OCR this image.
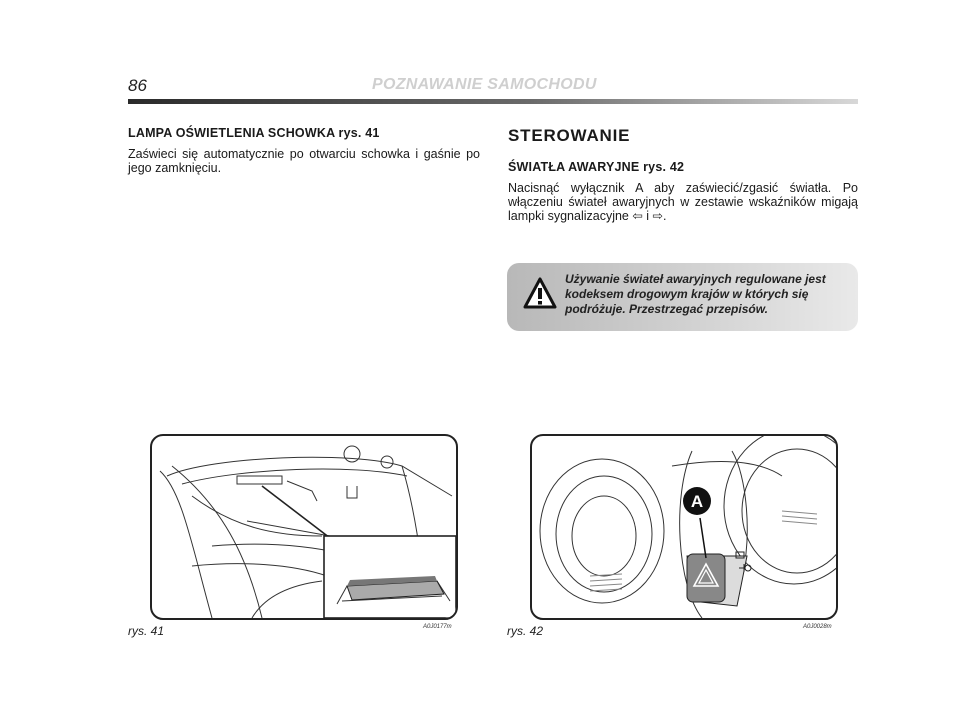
86	POZNAWANIE SAMOCHODU
LAMPA OŚWIETLENIA SCHOWKA rys. 41

Zaświeci się automatycznie po otwarciu schowka i gaśnie po jego zamknięciu.

STEROWANIE
ŚWIATŁA AWARYJNE rys. 42

Nacisnąć wyłącznik A aby zaświecić/zgasić światła. Po włączeniu świateł awaryjnych w zestawie wskaźników migają lampki sygnalizacyjne ⇦ i ⇨.

Używanie świateł awaryjnych regulowane jest kodeksem drogowym krajów w których się podróżuje. Przestrzegać przepisów.
rys. 41	A0J0177m
A
rys. 42	A0J0028m
